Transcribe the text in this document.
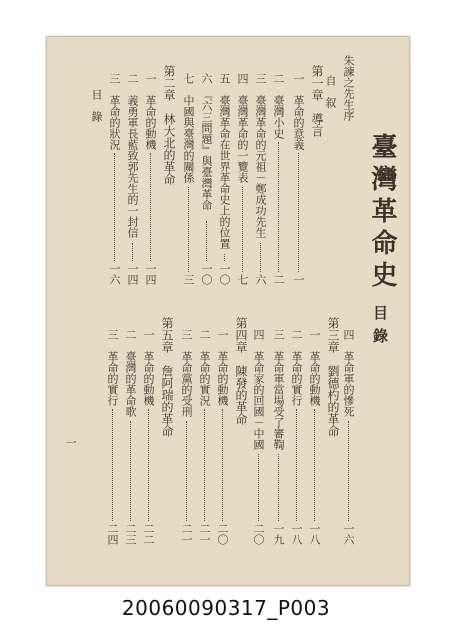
臺灣革命史
目錄
朱諫之先生序
自　叙
第一章　導言
一　革命的意義
一
二　臺灣小史
二
三　臺灣革命的元祖－鄭成功先生
六
四　臺灣革命的一覽表
七
五　臺灣革命在世界革命史上的位置
一〇
六　『六三問題』與臺灣革命
一〇
七　中國與臺灣的關係
三
第二章　林大北的革命
一　革命的動機
一四
二　義勇軍長藍致郭先生的一封信
一四
三　革命的狀況
一六
目　錄
四　革命軍的慘死
一六
第三章　劉德杓的革命
一　革命的動機
一八
二　革命的實行
一八
三　革命軍當場受了審鞫
一九
四　革命家的回國－中國
二〇
第四章　陳發的革命
一　革命的動機
二〇
二　革命的實況
二一
三　革命黨的受刑
二一
第五章　詹阿瑞的革命
一　革命的動機
二二
二　臺灣的革命歌
二三
三　革命的實行
二四
一
20060090317_P003
